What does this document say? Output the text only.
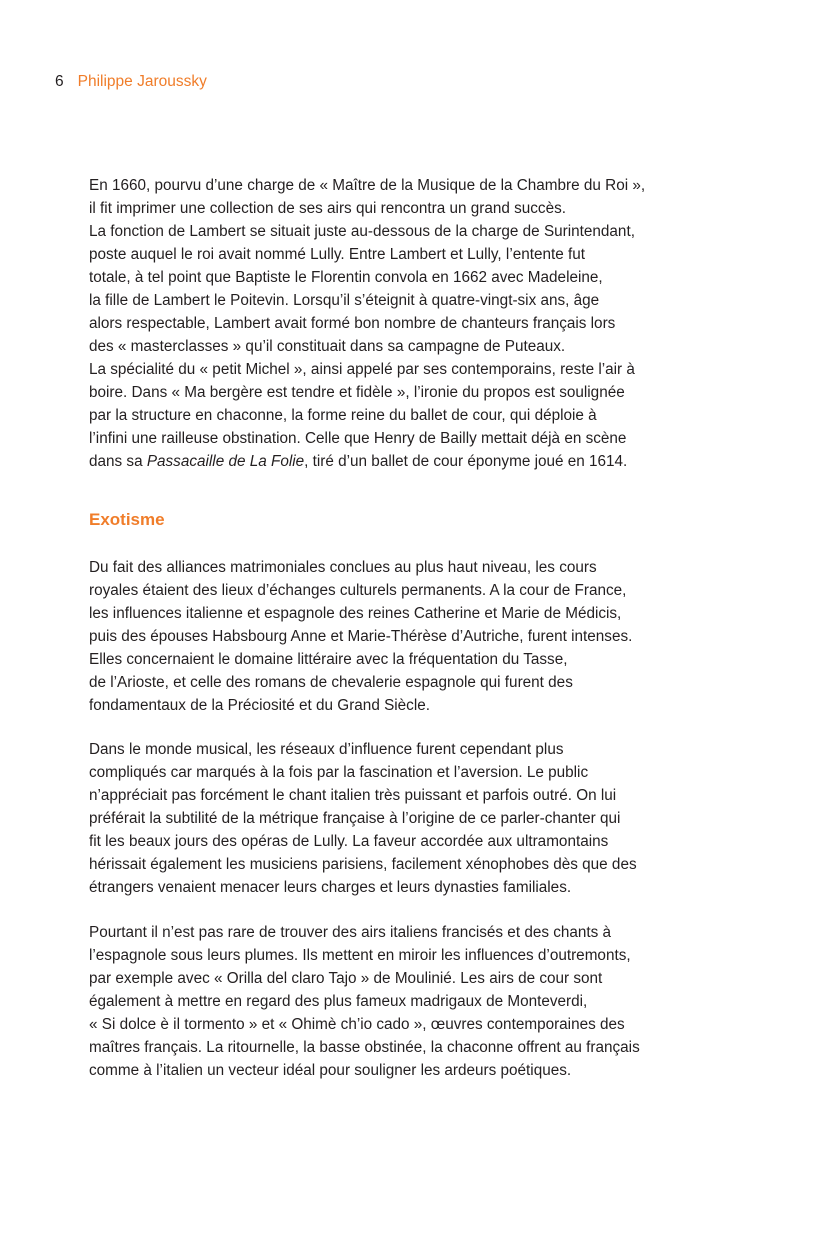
6 Philippe Jaroussky

En 1660, pourvu d’une charge de « Maître de la Musique de la Chambre du Roi »,
il fit imprimer une collection de ses airs qui rencontra un grand succès.
La fonction de Lambert se situait juste au-dessous de la charge de Surintendant,
poste auquel le roi avait nommé Lully. Entre Lambert et Lully, l’entente fut
totale, à tel point que Baptiste le Florentin convola en 1662 avec Madeleine,
la fille de Lambert le Poitevin. Lorsqu’il s’éteignit à quatre-vingt-six ans, âge
alors respectable, Lambert avait formé bon nombre de chanteurs français lors
des « masterclasses » qu’il constituait dans sa campagne de Puteaux.
La spécialité du « petit Michel », ainsi appelé par ses contemporains, reste l’air à
boire. Dans « Ma bergère est tendre et fidèle », l’ironie du propos est soulignée
par la structure en chaconne, la forme reine du ballet de cour, qui déploie à
l’infini une railleuse obstination. Celle que Henry de Bailly mettait déjà en scène
dans sa Passacaille de La Folie, tiré d’un ballet de cour éponyme joué en 1614.

Exotisme
Du fait des alliances matrimoniales conclues au plus haut niveau, les cours
royales étaient des lieux d’échanges culturels permanents. A la cour de France,
les influences italienne et espagnole des reines Catherine et Marie de Médicis,
puis des épouses Habsbourg Anne et Marie-Thérèse d’Autriche, furent intenses.
Elles concernaient le domaine littéraire avec la fréquentation du Tasse,
de l’Arioste, et celle des romans de chevalerie espagnole qui furent des
fondamentaux de la Préciosité et du Grand Siècle.
Dans le monde musical, les réseaux d’influence furent cependant plus
compliqués car marqués à la fois par la fascination et l’aversion. Le public
n’appréciait pas forcément le chant italien très puissant et parfois outré. On lui
préférait la subtilité de la métrique française à l’origine de ce parler-chanter qui
fit les beaux jours des opéras de Lully. La faveur accordée aux ultramontains
hérissait également les musiciens parisiens, facilement xénophobes dès que des
étrangers venaient menacer leurs charges et leurs dynasties familiales.
Pourtant il n’est pas rare de trouver des airs italiens francisés et des chants à
l’espagnole sous leurs plumes. Ils mettent en miroir les influences d’outremonts,
par exemple avec « Orilla del claro Tajo » de Moulinié. Les airs de cour sont
également à mettre en regard des plus fameux madrigaux de Monteverdi,
« Si dolce è il tormento » et « Ohimè ch’io cado », œuvres contemporaines des
maîtres français. La ritournelle, la basse obstinée, la chaconne offrent au français
comme à l’italien un vecteur idéal pour souligner les ardeurs poétiques.
